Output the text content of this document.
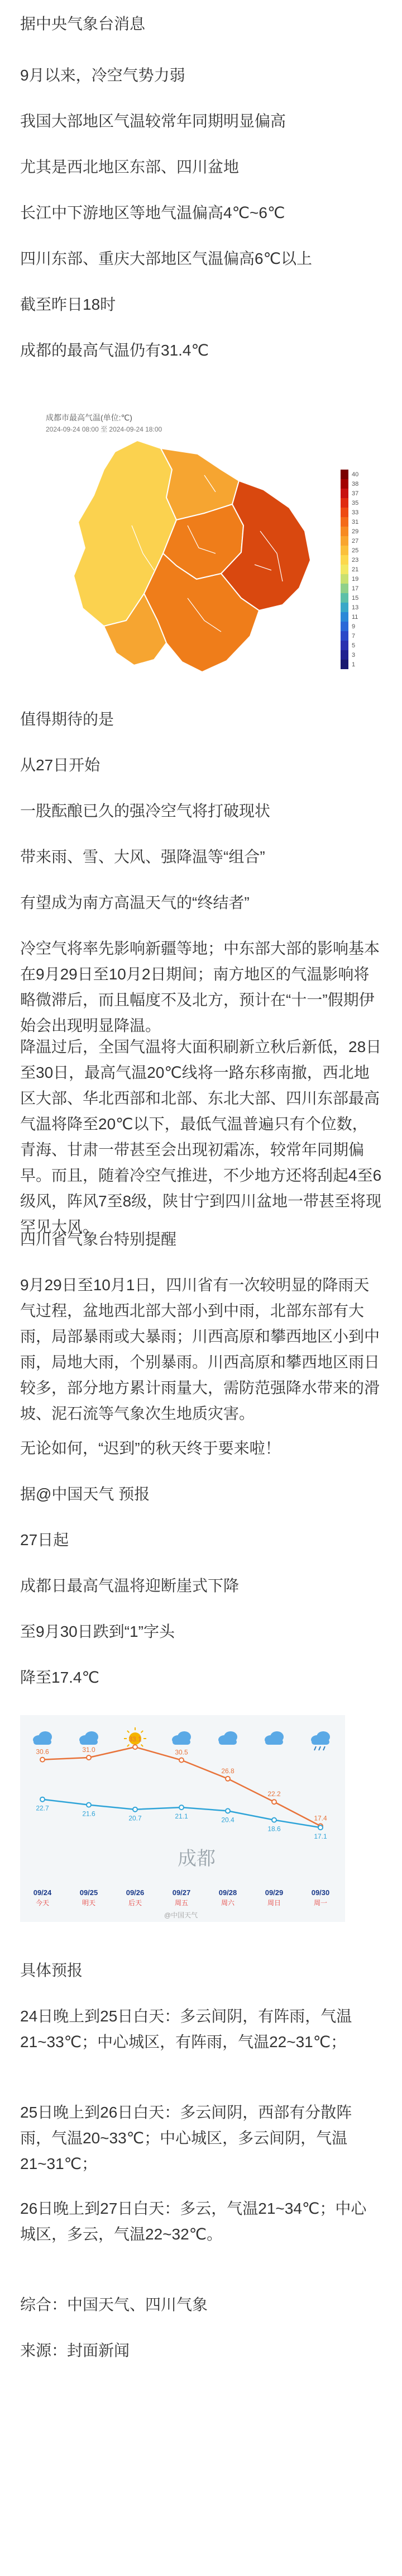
据中央气象台消息

9月以来，冷空气势力弱

我国大部地区气温较常年同期明显偏高

尤其是西北地区东部、四川盆地

长江中下游地区等地气温偏高4℃~6℃

四川东部、重庆大部地区气温偏高6℃以上

截至昨日18时

成都的最高气温仍有31.4℃

成都市最高气温(单位:℃)
2024-09-24 08:00 至 2024-09-24 18:00
40
38
37
35
33
31
29
27
25
23
21
19
17
15
13
11
9
7
5
3
1

值得期待的是

从27日开始

一股酝酿已久的强冷空气将打破现状

带来雨、雪、大风、强降温等“组合”

有望成为南方高温天气的“终结者”

冷空气将率先影响新疆等地；中东部大部的影响基本在9月29日至10月2日期间；南方地区的气温影响将略微滞后，而且幅度不及北方，预计在“十一”假期伊始会出现明显降温。

降温过后，全国气温将大面积刷新立秋后新低，28日至30日，最高气温20℃线将一路东移南撤，西北地区大部、华北西部和北部、东北大部、四川东部最高气温将降至20℃以下，最低气温普遍只有个位数，青海、甘肃一带甚至会出现初霜冻，较常年同期偏早。而且，随着冷空气推进，不少地方还将刮起4至6级风，阵风7至8级，陕甘宁到四川盆地一带甚至将现罕见大风。

四川省气象台特别提醒

9月29日至10月1日，四川省有一次较明显的降雨天气过程，盆地西北部大部小到中雨，北部东部有大雨，局部暴雨或大暴雨；川西高原和攀西地区小到中雨，局地大雨，个别暴雨。川西高原和攀西地区雨日较多，部分地方累计雨量大，需防范强降水带来的滑坡、泥石流等气象次生地质灾害。

无论如何，“迟到”的秋天终于要来啦！

据@中国天气 预报

27日起

成都日最高气温将迎断崖式下降

至9月30日跌到“1”字头

降至17.4℃

成都
@中国天气
30.6	31.0
33.1
30.5
26.8
22.2
17.4
22.7
21.6
20.7	21.1	20.4
18.6
17.1
09/24
今天
09/25
明天
09/26
后天
09/27
周五
09/28
周六
09/29
周日
09/30
周一

具体预报

24日晚上到25日白天：多云间阴，有阵雨，气温21~33℃；中心城区，有阵雨，气温22~31℃；

25日晚上到26日白天：多云间阴，西部有分散阵雨，气温20~33℃；中心城区，多云间阴，气温21~31℃；

26日晚上到27日白天：多云，气温21~34℃；中心城区，多云，气温22~32℃。

综合：中国天气、四川气象

来源：封面新闻
